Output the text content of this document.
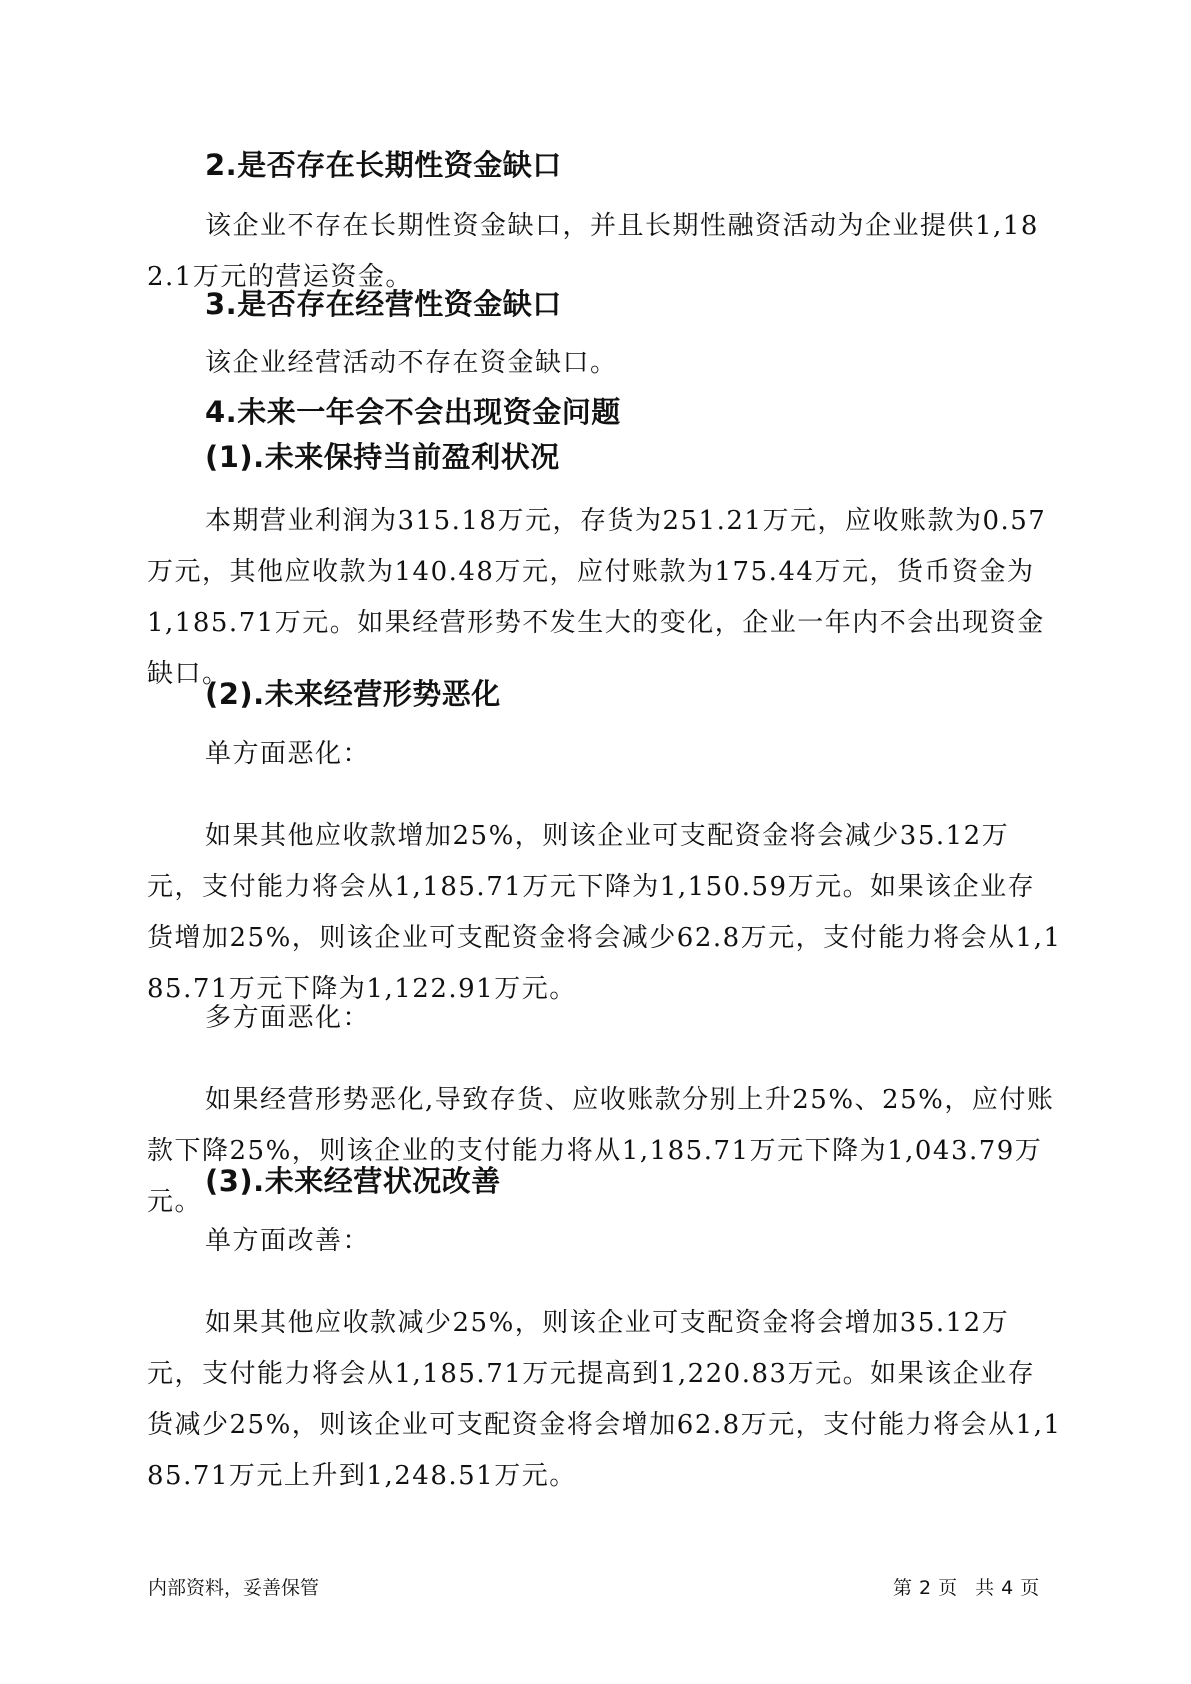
2.是否存在长期性资金缺口
该企业不存在长期性资金缺口，并且长期性融资活动为企业提供1,182.1万元的营运资金。
3.是否存在经营性资金缺口
该企业经营活动不存在资金缺口。
4.未来一年会不会出现资金问题
(1).未来保持当前盈利状况
本期营业利润为315.18万元，存货为251.21万元，应收账款为0.57万元，其他应收款为140.48万元，应付账款为175.44万元，货币资金为1,185.71万元。如果经营形势不发生大的变化，企业一年内不会出现资金缺口。
(2).未来经营形势恶化
单方面恶化：
如果其他应收款增加25%，则该企业可支配资金将会减少35.12万元，支付能力将会从1,185.71万元下降为1,150.59万元。如果该企业存货增加25%，则该企业可支配资金将会减少62.8万元，支付能力将会从1,185.71万元下降为1,122.91万元。
多方面恶化：
如果经营形势恶化,导致存货、应收账款分别上升25%、25%，应付账款下降25%，则该企业的支付能力将从1,185.71万元下降为1,043.79万元。
(3).未来经营状况改善
单方面改善：
如果其他应收款减少25%，则该企业可支配资金将会增加35.12万元，支付能力将会从1,185.71万元提高到1,220.83万元。如果该企业存货减少25%，则该企业可支配资金将会增加62.8万元，支付能力将会从1,185.71万元上升到1,248.51万元。
内部资料，妥善保管	第 2 页 共 4 页
